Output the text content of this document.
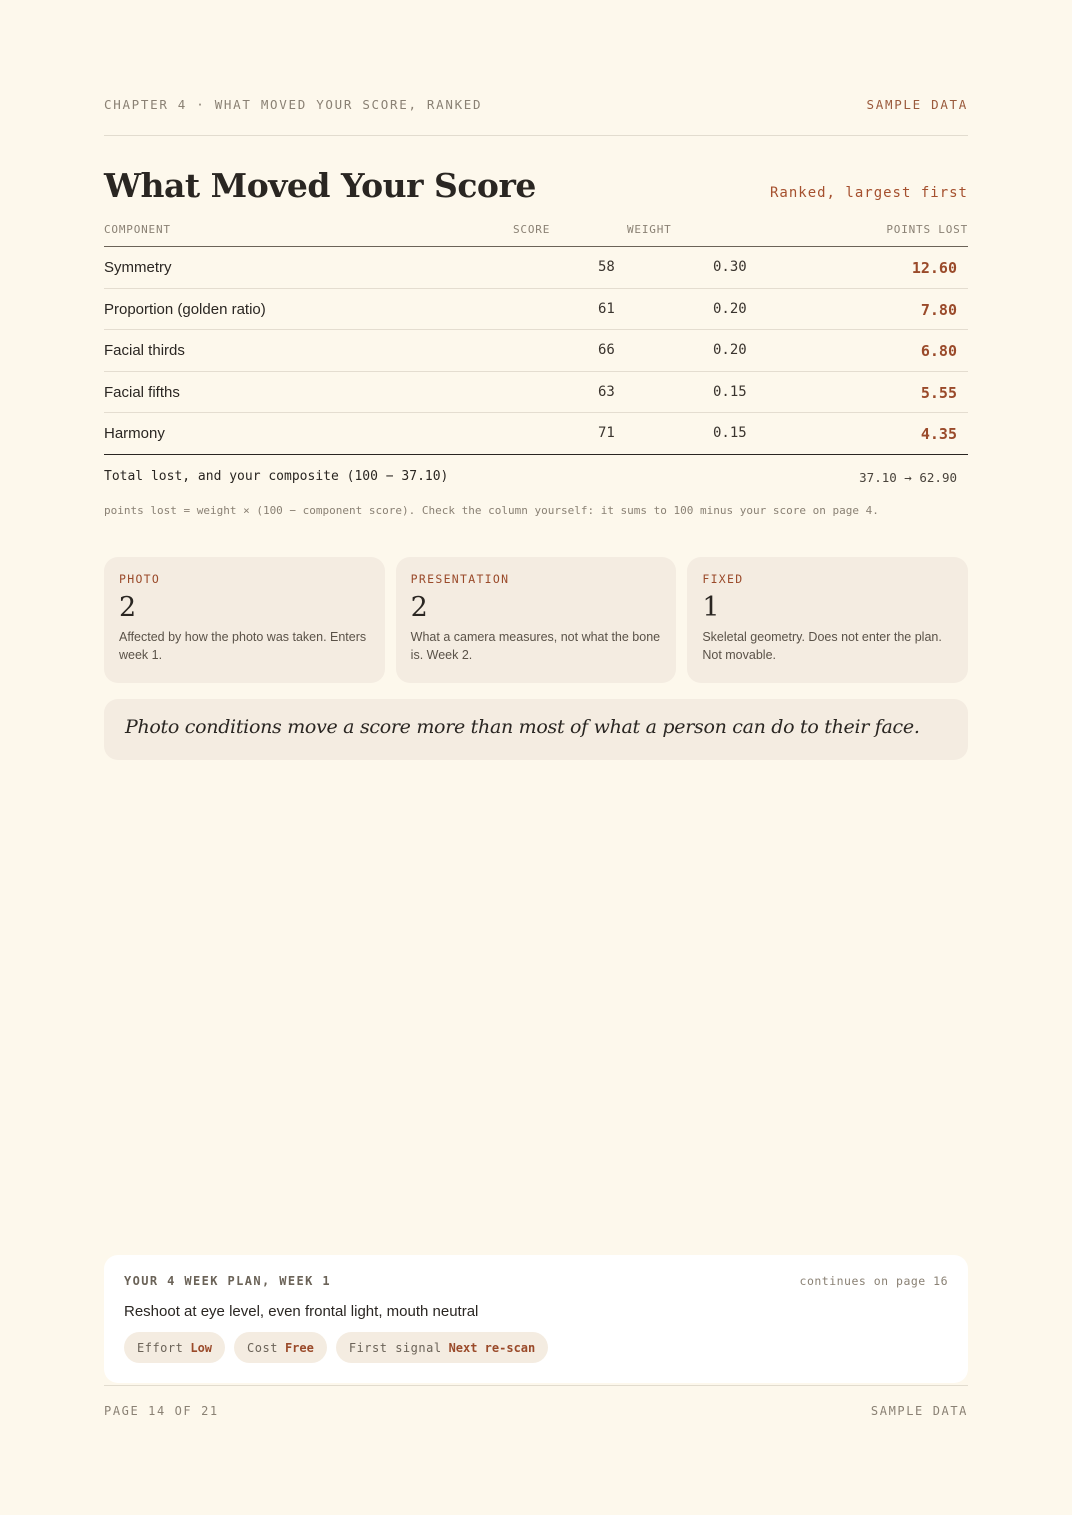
CHAPTER 4 · WHAT MOVED YOUR SCORE, RANKED	SAMPLE DATA
What Moved Your Score	Ranked, largest first
COMPONENT	SCORE	WEIGHT	POINTS LOST
Symmetry	58	0.30	12.60
Proportion (golden ratio)	61	0.20	7.80
Facial thirds	66	0.20	6.80
Facial fifths	63	0.15	5.55
Harmony	71	0.15	4.35
Total lost, and your composite (100 − 37.10)	37.10 → 62.90

points lost = weight × (100 − component score). Check the column yourself: it sums to 100 minus your score on page 4.

PHOTO
2
Affected by how the photo was taken. Enters week 1.
PRESENTATION
2
What a camera measures, not what the bone is. Week 2.
FIXED
1
Skeletal geometry. Does not enter the plan. Not movable.
Photo conditions move a score more than most of what a person can do to their face.
YOUR 4 WEEK PLAN, WEEK 1	continues on page 16
Reshoot at eye level, even frontal light, mouth neutral
Effort Low	Cost Free	First signal Next re-scan
PAGE 14 OF 21	SAMPLE DATA
